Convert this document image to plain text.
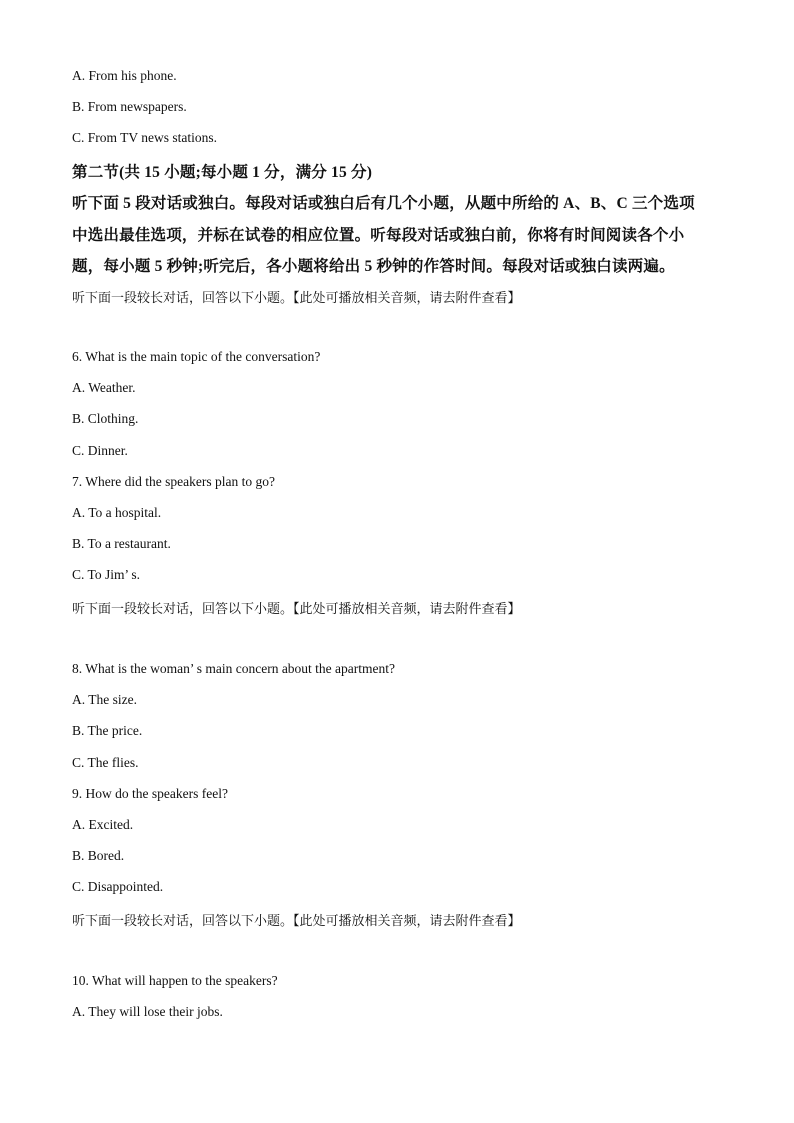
A. From his phone.
B. From newspapers.
C. From TV news stations.
第二节(共 15 小题;每小题 1 分，满分 15 分)
听下面 5 段对话或独白。每段对话或独白后有几个小题，从题中所给的 A、B、C 三个选项
中选出最佳选项，并标在试卷的相应位置。听每段对话或独白前，你将有时间阅读各个小
题，每小题 5 秒钟;听完后，各小题将给出 5 秒钟的作答时间。每段对话或独白读两遍。
听下面一段较长对话，回答以下小题。【此处可播放相关音频，请去附件查看】
6. What is the main topic of the conversation?
A. Weather.
B. Clothing.
C. Dinner.
7. Where did the speakers plan to go?
A. To a hospital.
B. To a restaurant.
C. To Jim’ s.
听下面一段较长对话，回答以下小题。【此处可播放相关音频，请去附件查看】
8. What is the woman’ s main concern about the apartment?
A. The size.
B. The price.
C. The flies.
9. How do the speakers feel?
A. Excited.
B. Bored.
C. Disappointed.
听下面一段较长对话，回答以下小题。【此处可播放相关音频，请去附件查看】
10. What will happen to the speakers?
A. They will lose their jobs.
